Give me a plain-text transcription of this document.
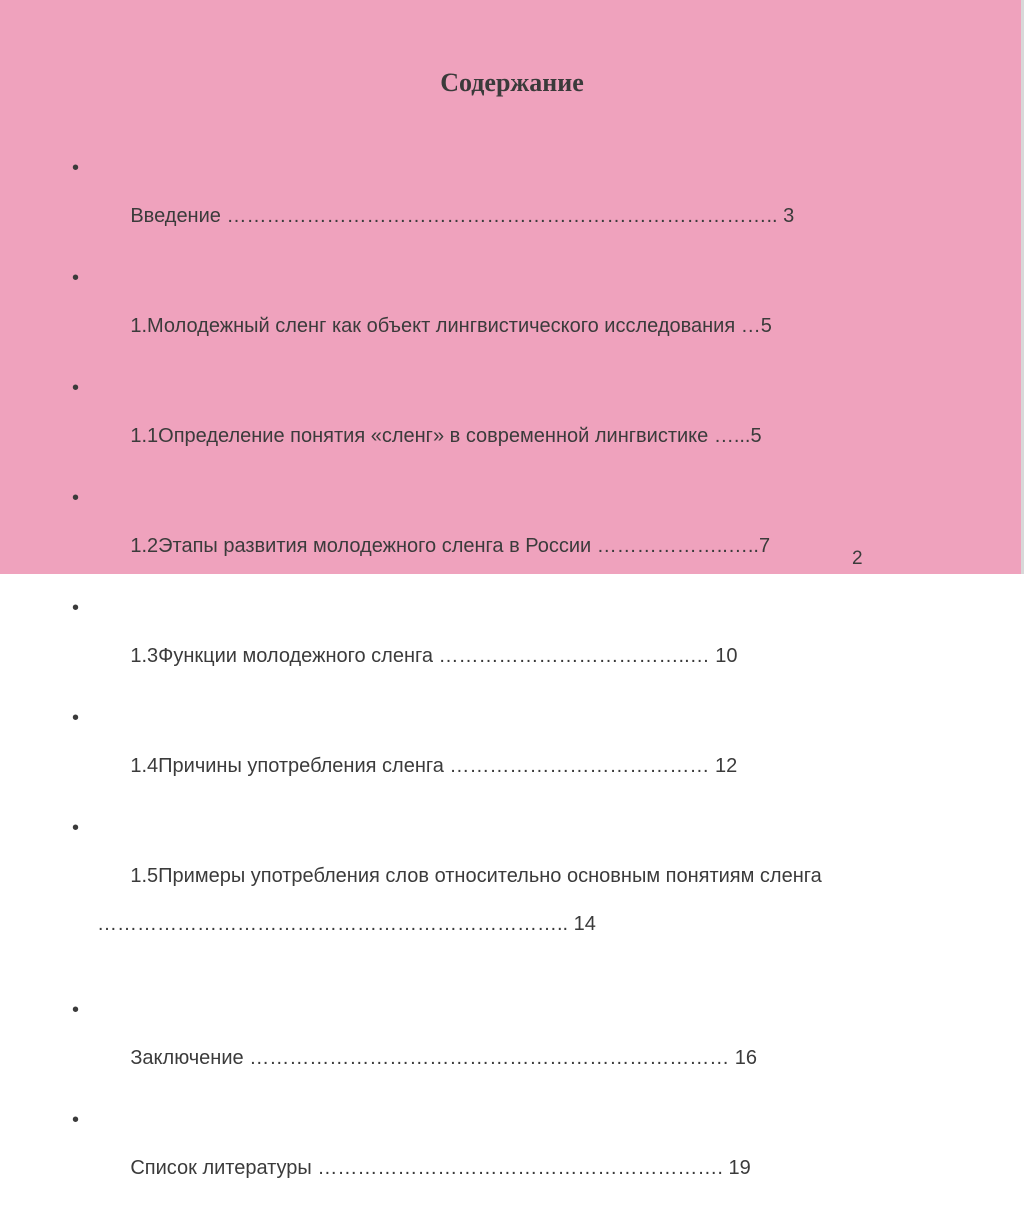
Содержание

•

Введение ……………………………………………………………………….. 3

•

1.Молодежный сленг как объект лингвистического исследования …5

•

1.1Определение понятия «сленг» в современной лингвистике …...5

•

1.2Этапы развития молодежного сленга в России ………………..…..7

•

1.3Функции молодежного сленга ………………………………..… 10

•

1.4Причины употребления сленга ………………………………… 12

•

1.5Примеры употребления слов относительно основным понятиям сленга

…………………………………………………………….. 14

•

Заключение ……………………………………………………………… 16

•

Список литературы ……………………………………………………. 19

2
